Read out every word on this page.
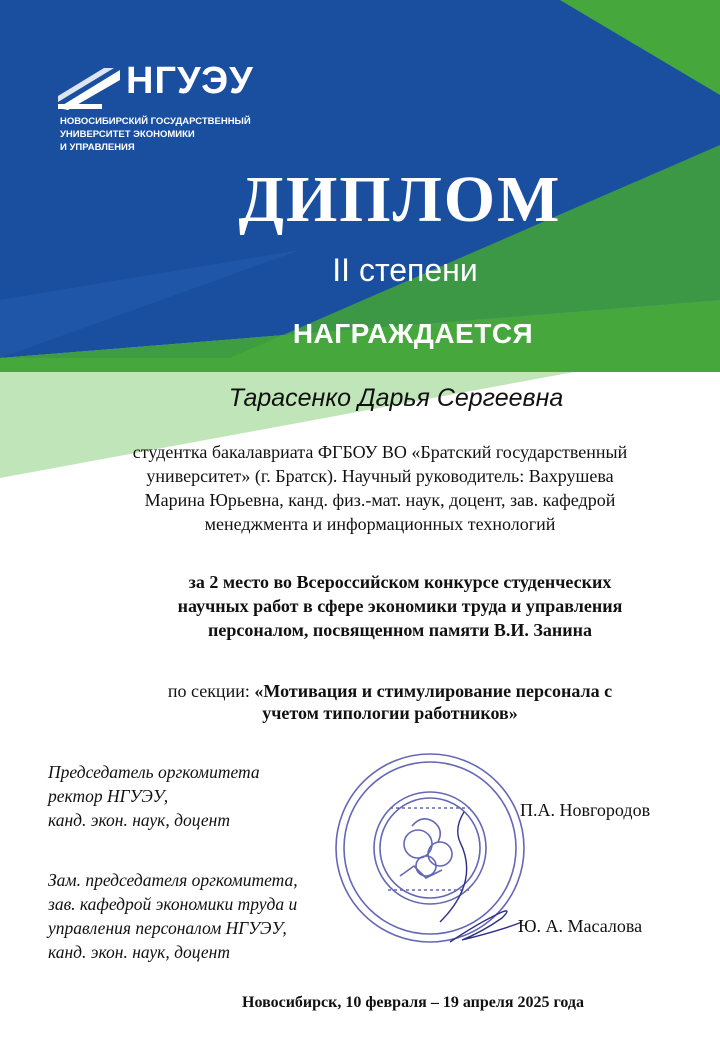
НГУЭУ
НОВОСИБИРСКИЙ ГОСУДАРСТВЕННЫЙ
УНИВЕРСИТЕТ ЭКОНОМИКИ
И УПРАВЛЕНИЯ
ДИПЛОМ
II степени
НАГРАЖДАЕТСЯ
Тарасенко Дарья Сергеевна
студентка бакалавриата ФГБОУ ВО «Братский государственный
университет» (г. Братск). Научный руководитель: Вахрушева
Марина Юрьевна, канд. физ.-мат. наук, доцент, зав. кафедрой
менеджмента и информационных технологий
за 2 место во Всероссийском конкурсе студенческих
научных работ в сфере экономики труда и управления
персоналом, посвященном памяти В.И. Занина
по секции: «Мотивация и стимулирование персонала с
учетом типологии работников»
Председатель оргкомитета
ректор НГУЭУ,
канд. экон. наук, доцент	П.А. Новгородов
Зам. председателя оргкомитета,
зав. кафедрой экономики труда и
управления персоналом НГУЭУ,
канд. экон. наук, доцент
Ю. А. Масалова
Новосибирск, 10 февраля – 19 апреля 2025 года
